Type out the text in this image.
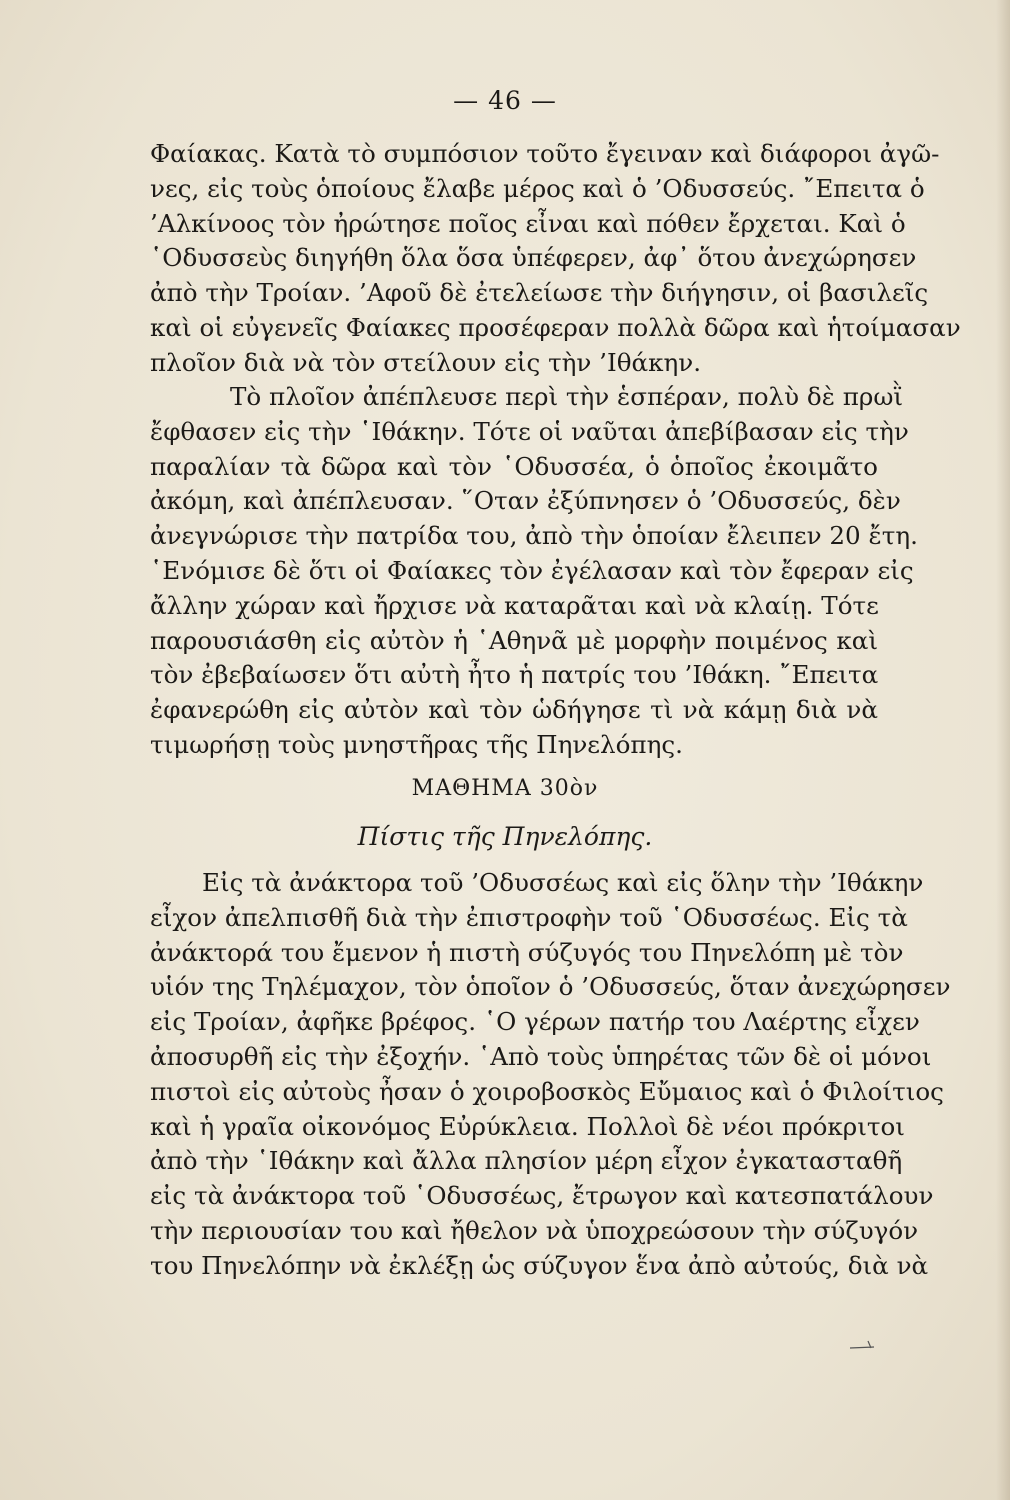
— 46 —
Φαίακας. Κατὰ τὸ συμπόσιον τοῦτο ἔγειναν καὶ διάφοροι ἀγῶ-
νες, εἰς τοὺς ὁποίους ἔλαβε μέρος καὶ ὁ ’Οδυσσεύς. ῎Επειτα ὁ
’Αλκίνοος τὸν ἠρώτησε ποῖος εἶναι καὶ πόθεν ἔρχεται. Καὶ ὁ
῾Οδυσσεὺς διηγήθη ὅλα ὅσα ὑπέφερεν, ἀφ᾿ ὅτου ἀνεχώρησεν
ἀπὸ τὴν Τροίαν. ’Αφοῦ δὲ ἐτελείωσε τὴν διήγησιν, οἱ βασιλεῖς
καὶ οἱ εὐγενεῖς Φαίακες προσέφεραν πολλὰ δῶρα καὶ ἡτοίμασαν
πλοῖον διὰ νὰ τὸν στείλουν εἰς τὴν ’Ιθάκην.
Τὸ πλοῖον ἀπέπλευσε περὶ τὴν ἑσπέραν, πολὺ δὲ πρωῒ
ἔφθασεν εἰς τὴν ῾Ιθάκην. Τότε οἱ ναῦται ἀπεβίβασαν εἰς τὴν
παραλίαν τὰ δῶρα καὶ τὸν ῾Οδυσσέα, ὁ ὁποῖος ἐκοιμᾶτο
ἀκόμη, καὶ ἀπέπλευσαν. ῞Οταν ἐξύπνησεν ὁ ’Οδυσσεύς, δὲν
ἀνεγνώρισε τὴν πατρίδα του, ἀπὸ τὴν ὁποίαν ἔλειπεν 20 ἔτη.
῾Ενόμισε δὲ ὅτι οἱ Φαίακες τὸν ἐγέλασαν καὶ τὸν ἔφεραν εἰς
ἄλλην χώραν καὶ ἤρχισε νὰ καταρᾶται καὶ νὰ κλαίῃ. Τότε
παρουσιάσθη εἰς αὐτὸν ἡ ῾Αθηνᾶ μὲ μορφὴν ποιμένος καὶ
τὸν ἐβεβαίωσεν ὅτι αὐτὴ ἦτο ἡ πατρίς του ’Ιθάκη. ῎Επειτα
ἐφανερώθη εἰς αὐτὸν καὶ τὸν ὡδήγησε τὶ νὰ κάμῃ διὰ νὰ
τιμωρήσῃ τοὺς μνηστῆρας τῆς Πηνελόπης.
ΜΑΘΗΜΑ 30ὸν
Πίστις τῆς Πηνελόπης.
Εἰς τὰ ἀνάκτορα τοῦ ’Οδυσσέως καὶ εἰς ὅλην τὴν ’Ιθάκην
εἶχον ἀπελπισθῆ διὰ τὴν ἐπιστροφὴν τοῦ ῾Οδυσσέως. Εἰς τὰ
ἀνάκτορά του ἔμενον ἡ πιστὴ σύζυγός του Πηνελόπη μὲ τὸν
υἱόν της Τηλέμαχον, τὸν ὁποῖον ὁ ’Οδυσσεύς, ὅταν ἀνεχώρησεν
εἰς Τροίαν, ἀφῆκε βρέφος. ῾Ο γέρων πατήρ του Λαέρτης εἶχεν
ἀποσυρθῆ εἰς τὴν ἐξοχήν. ῾Απὸ τοὺς ὑπηρέτας τῶν δὲ οἱ μόνοι
πιστοὶ εἰς αὐτοὺς ἦσαν ὁ χοιροβοσκὸς Εὔμαιος καὶ ὁ Φιλοίτιος
καὶ ἡ γραῖα οἰκονόμος Εὐρύκλεια. Πολλοὶ δὲ νέοι πρόκριτοι
ἀπὸ τὴν ῾Ιθάκην καὶ ἄλλα πλησίον μέρη εἶχον ἐγκατασταθῆ
εἰς τὰ ἀνάκτορα τοῦ ῾Οδυσσέως, ἔτρωγον καὶ κατεσπατάλουν
τὴν περιουσίαν του καὶ ἤθελον νὰ ὑποχρεώσουν τὴν σύζυγόν
του Πηνελόπην νὰ ἐκλέξῃ ὡς σύζυγον ἕνα ἀπὸ αὐτούς, διὰ νὰ
